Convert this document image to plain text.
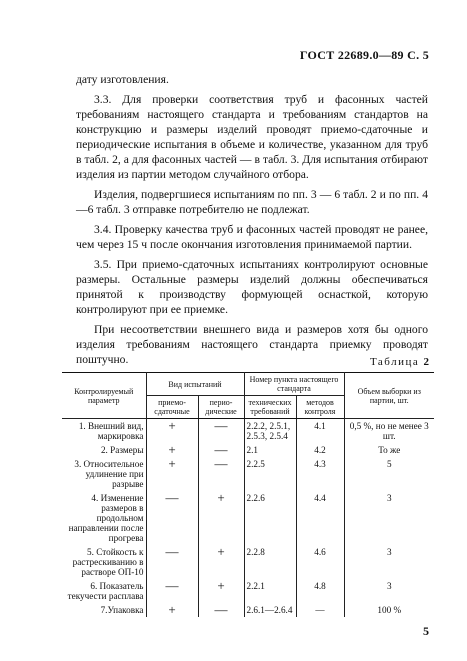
ГОСТ 22689.0—89 С. 5

дату изготовления.

3.3. Для проверки соответствия труб и фасонных частей требованиям настоящего стандарта и требованиям стандартов на конструкцию и размеры изделий проводят приемо-сдаточные и периодические испытания в объеме и количестве, указанном для труб в табл. 2, а для фасонных частей — в табл. 3. Для испытания отбирают изделия из партии методом случайного отбора.

Изделия, подвергшиеся испытаниям по пп. 3 — 6 табл. 2 и по пп. 4—6 табл. 3 отправке потребителю не подлежат.

3.4. Проверку качества труб и фасонных частей проводят не ранее, чем через 15 ч после окончания изготовления принимаемой партии.

3.5. При приемо-сдаточных испытаниях контролируют основные размеры. Остальные размеры изделий должны обеспечиваться принятой к производству формующей оснасткой, которую контролируют при ее приемке.

При несоответствии внешнего вида и размеров хотя бы одного изделия требованиям настоящего стандарта приемку проводят поштучно.	Таблица 2
Контролируемый параметр	Вид испытаний		Номер пункта настоящего стандарта		Объем выборки из партии, шт.
	приемо-сдаточные	перио-дические	технических требований	методов контроля	
1. Внешний вид, маркировка	+	—	2.2.2, 2.5.1, 2.5.3, 2.5.4	4.1	0,5 %, но не менее 3 шт.
2. Размеры	+	—	2.1	4.2	То же
3. Относительное удлинение при разрыве	+	—	2.2.5	4.3	5
4. Изменение размеров в продольном направлении после прогрева	—	+	2.2.6	4.4	3
5. Стойкость к растрескиванию в растворе ОП-10	—	+	2.2.8	4.6	3
6. Показатель текучести расплава	—	+	2.2.1	4.8	3
7.Упаковка	+	—	2.6.1—2.6.4	—	100 %
5
